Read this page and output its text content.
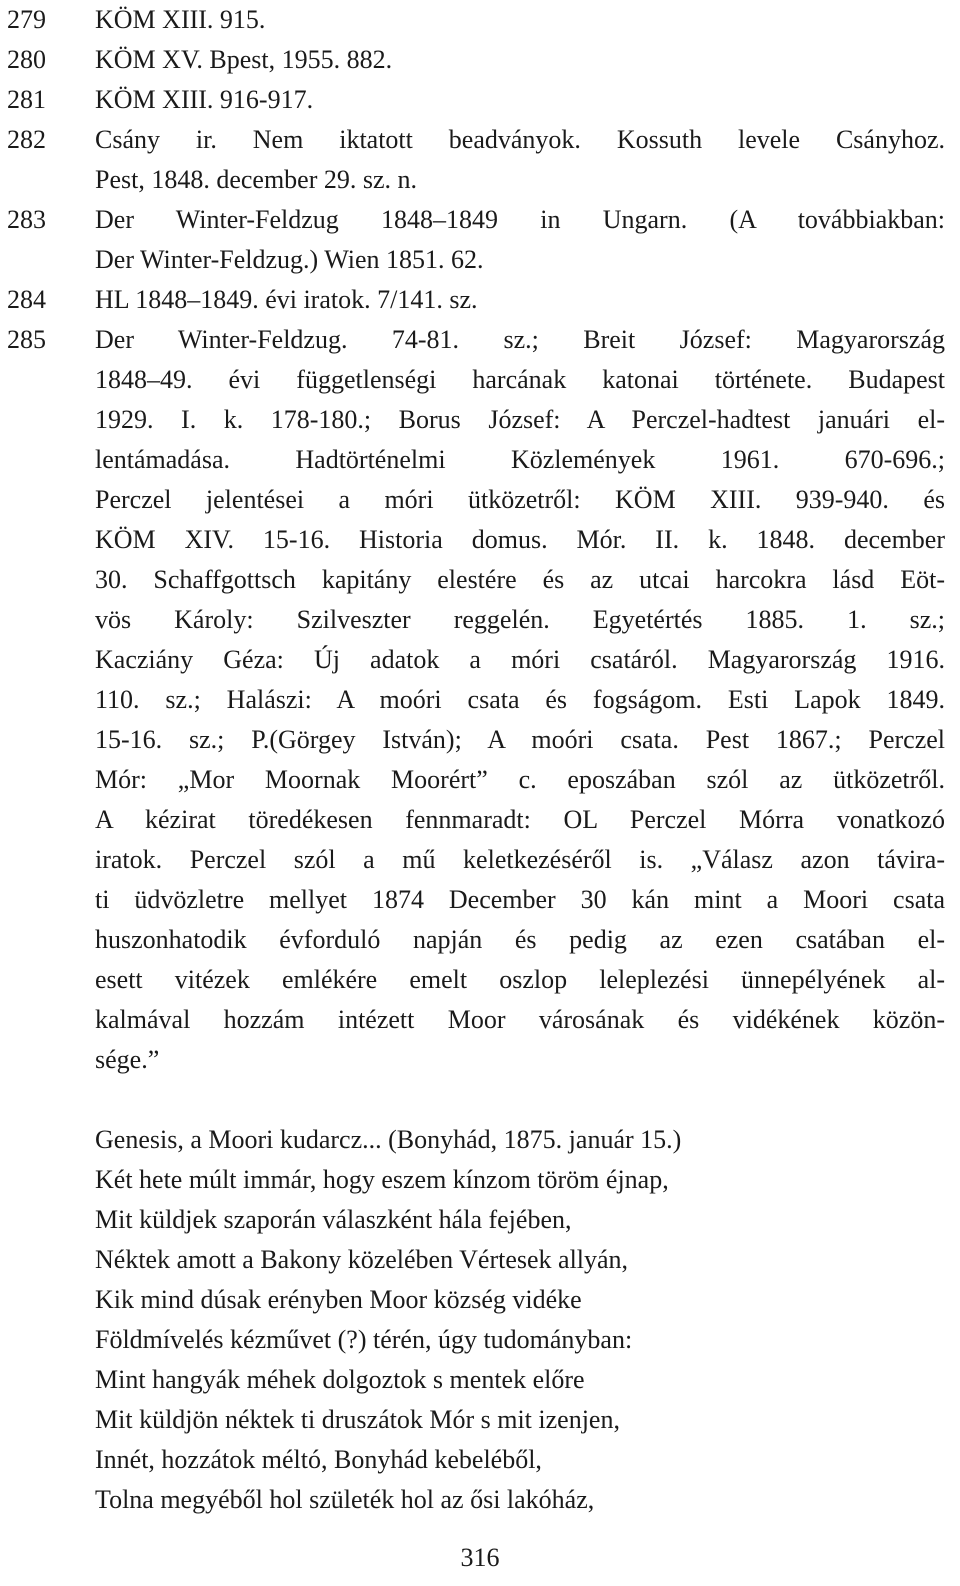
279 KÖM XIII. 915.
280 KÖM XV. Bpest, 1955. 882.
281 KÖM XIII. 916-917.
282 Csány ir. Nem iktatott beadványok. Kossuth levele Csányhoz.
Pest, 1848. december 29. sz. n.
283 Der Winter-Feldzug 1848–1849 in Ungarn. (A továbbiakban:
Der Winter-Feldzug.) Wien 1851. 62.
284 HL 1848–1849. évi iratok. 7/141. sz.
285 Der Winter-Feldzug. 74-81. sz.; Breit József: Magyarország
1848–49. évi függetlenségi harcának katonai története. Budapest
1929. I. k. 178-180.; Borus József: A Perczel-hadtest januári el-
lentámadása. Hadtörténelmi Közlemények 1961. 670-696.;
Perczel jelentései a móri ütközetről: KÖM XIII. 939-940. és
KÖM XIV. 15-16. Historia domus. Mór. II. k. 1848. december
30. Schaffgottsch kapitány elestére és az utcai harcokra lásd Eöt-
vös Károly: Szilveszter reggelén. Egyetértés 1885. 1. sz.;
Kacziány Géza: Új adatok a móri csatáról. Magyarország 1916.
110. sz.; Halászi: A moóri csata és fogságom. Esti Lapok 1849.
15-16. sz.; P.(Görgey István); A moóri csata. Pest 1867.; Perczel
Mór: „Mor Moornak Moorért” c. eposzában szól az ütközetről.
A kézirat töredékesen fennmaradt: OL Perczel Mórra vonatkozó
iratok. Perczel szól a mű keletkezéséről is. „Válasz azon távira-
ti üdvözletre mellyet 1874 December 30 kán mint a Moori csata
huszonhatodik évforduló napján és pedig az ezen csatában el-
esett vitézek emlékére emelt oszlop leleplezési ünnepélyének al-
kalmával hozzám intézett Moor városának és vidékének közön-
sége.”
Genesis, a Moori kudarcz... (Bonyhád, 1875. január 15.)
Két hete múlt immár, hogy eszem kínzom töröm éjnap,
Mit küldjek szaporán válaszként hála fejében,
Néktek amott a Bakony közelében Vértesek allyán,
Kik mind dúsak erényben Moor község vidéke
Földmívelés kézművet (?) térén, úgy tudományban:
Mint hangyák méhek dolgoztok s mentek előre
Mit küldjön néktek ti druszátok Mór s mit izenjen,
Innét, hozzátok méltó, Bonyhád kebeléből,
Tolna megyéből hol születék hol az ősi lakóház,
316
